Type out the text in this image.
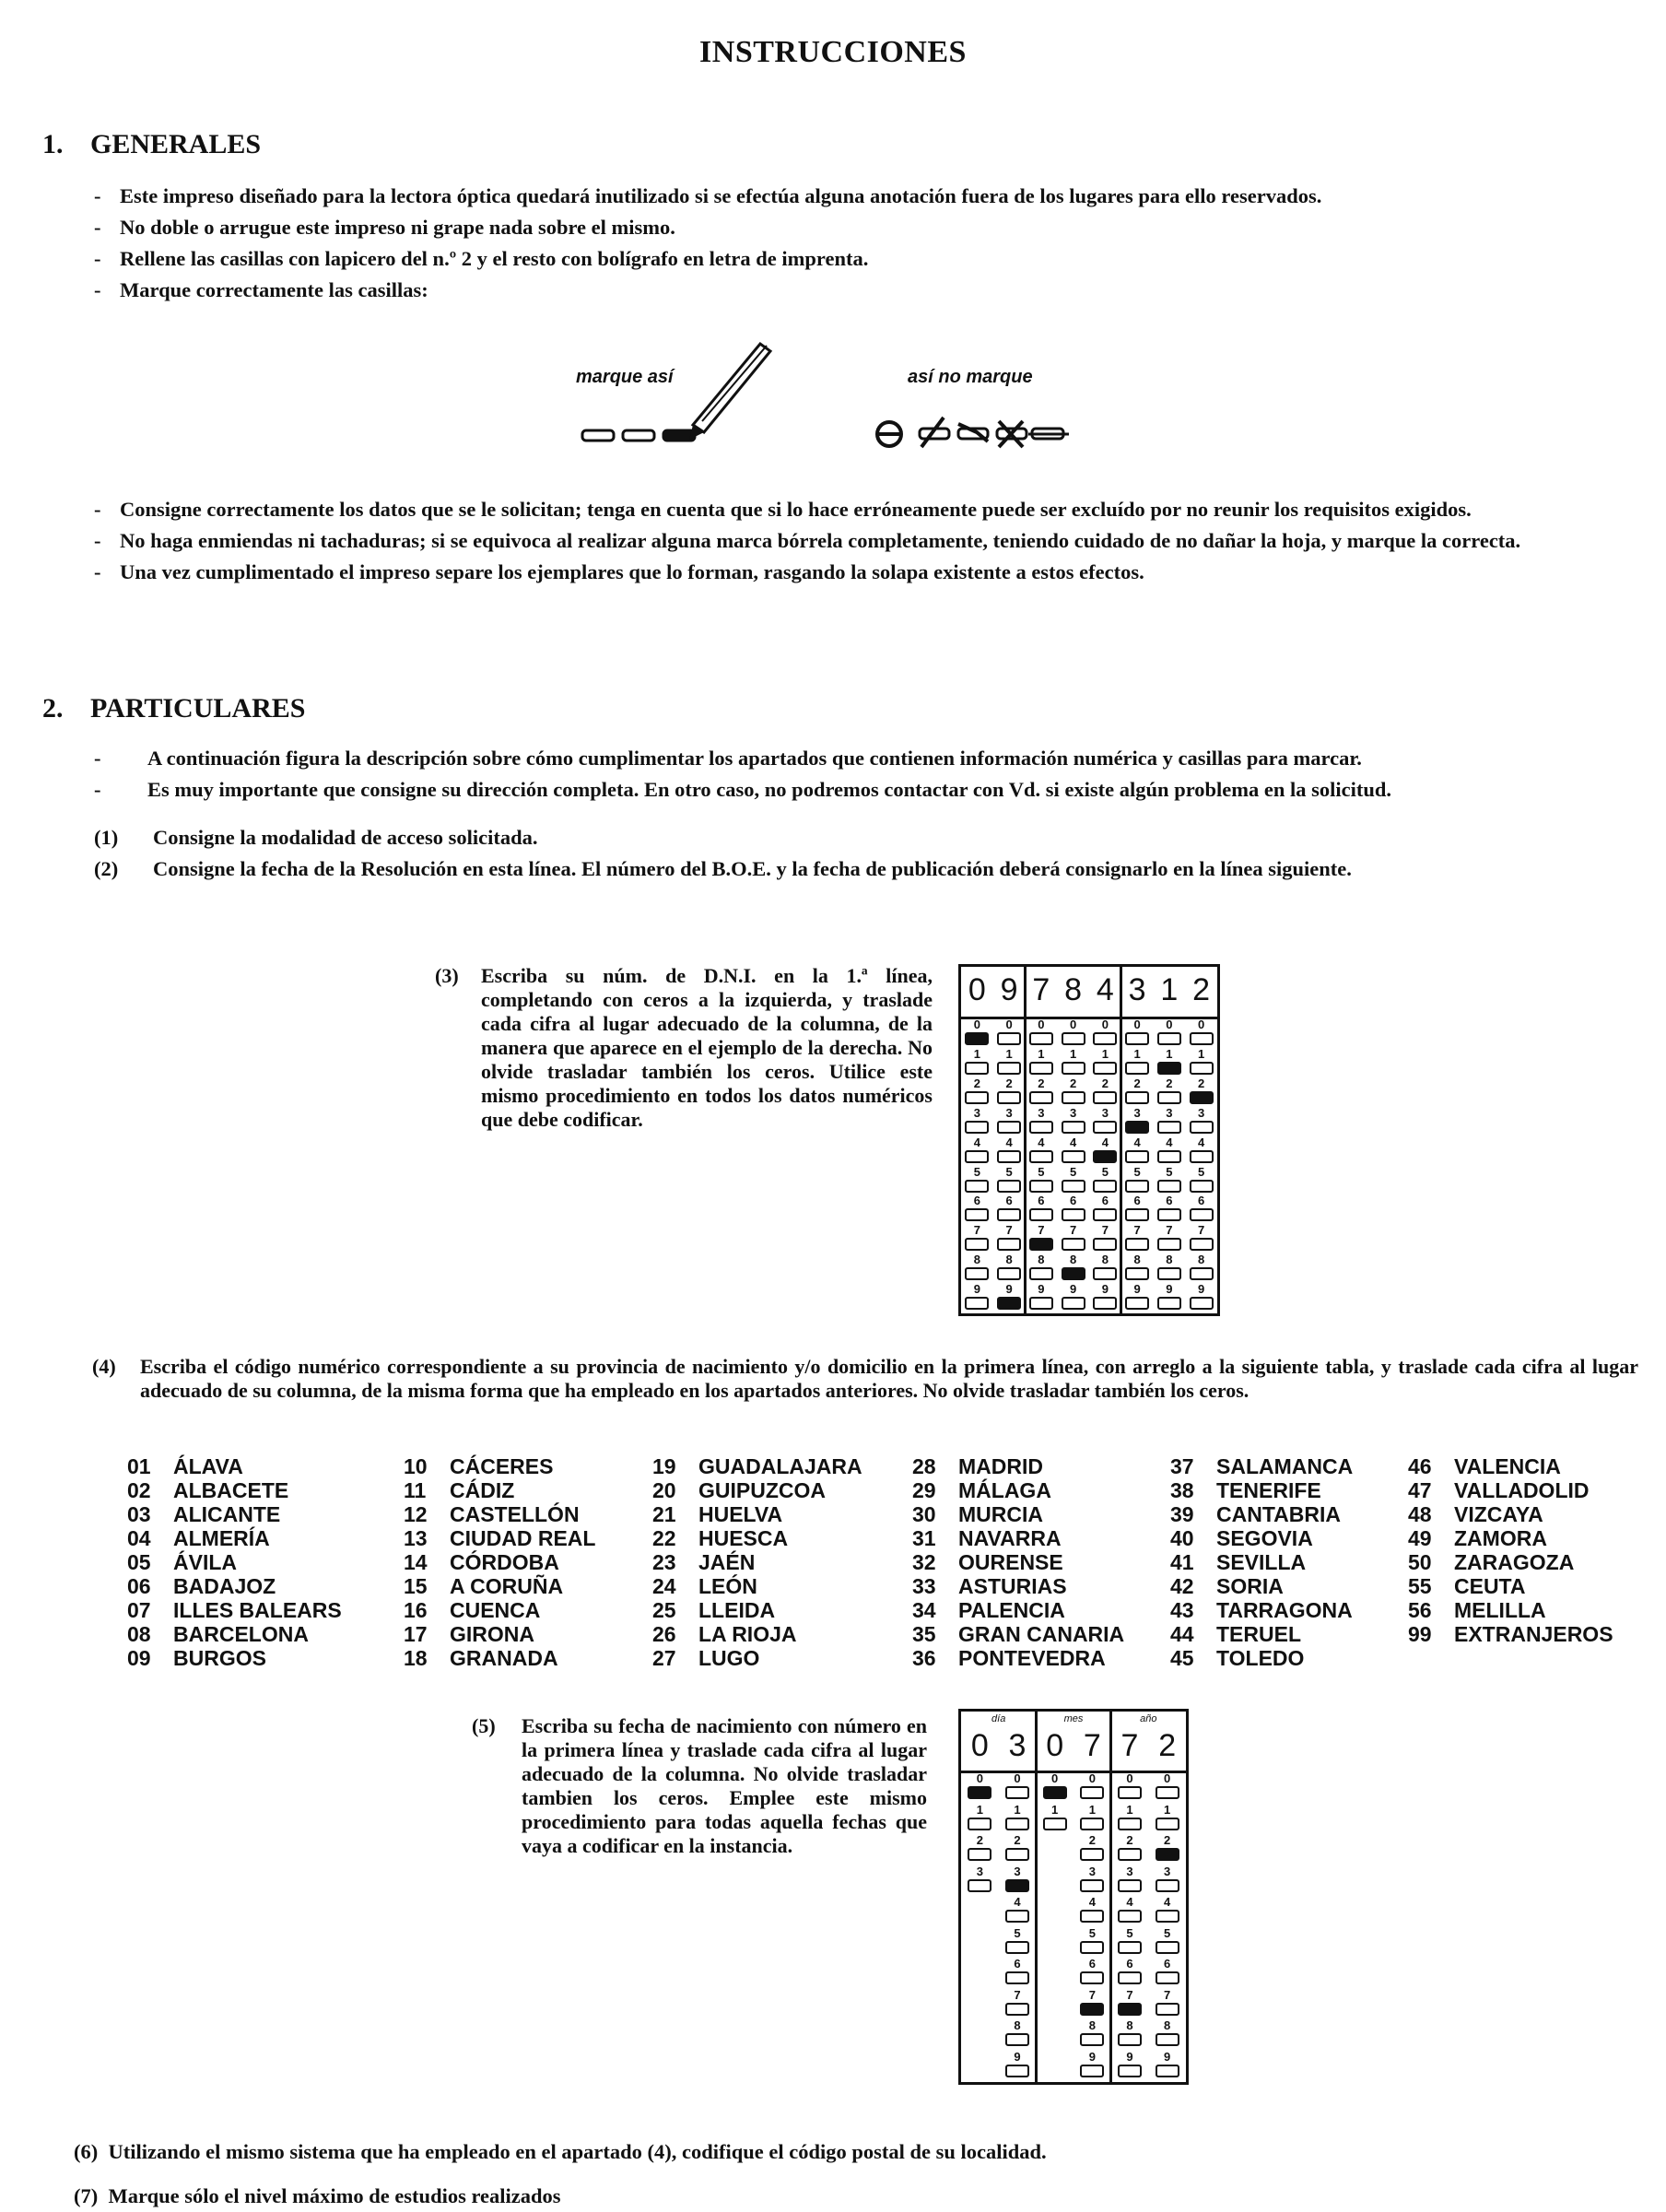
INSTRUCCIONES
1. GENERALES
- Este impreso diseñado para la lectora óptica quedará inutilizado si se efectúa alguna anotación fuera de los lugares para ello reservados.
- No doble o arrugue este impreso ni grape nada sobre el mismo.
- Rellene las casillas con lapicero del n.º 2 y el resto con bolígrafo en letra de imprenta.
- Marque correctamente las casillas:
marque así	así no marque
- Consigne correctamente los datos que se le solicitan; tenga en cuenta que si lo hace erróneamente puede ser excluído por no reunir los requisitos exigidos.
- No haga enmiendas ni tachaduras; si se equivoca al realizar alguna marca bórrela completamente, teniendo cuidado de no dañar la hoja, y marque la correcta.
- Una vez cumplimentado el impreso separe los ejemplares que lo forman, rasgando la solapa existente a estos efectos.
2. PARTICULARES
- A continuación figura la descripción sobre cómo cumplimentar los apartados que contienen información numérica y casillas para marcar.
- Es muy importante que consigne su dirección completa. En otro caso, no podremos contactar con Vd. si existe algún problema en la solicitud.
(1) Consigne la modalidad de acceso solicitada.
(2) Consigne la fecha de la Resolución en esta línea. El número del B.O.E. y la fecha de publicación deberá consignarlo en la línea siguiente.
(3)	Escriba su núm. de D.N.I. en la 1.ª línea, completando con ceros a la izquierda, y traslade cada cifra al lugar adecuado de la columna, de la manera que aparece en el ejemplo de la derecha. No olvide trasladar también los ceros. Utilice este mismo procedimiento en todos los datos numéricos que debe codificar.
0 9 7 8 4 3 1 2
0
1
2
3
4
5
6
7
8
9
0
1
2
3
4
5
6
7
8
9
0
1
2
3
4
5
6
7
8
9
0
1
2
3
4
5
6
7
8
9
0
1
2
3
4
5
6
7
8
9
0
1
2
3
4
5
6
7
8
9
0
1
2
3
4
5
6
7
8
9
0
1
2
3
4
5
6
7
8
9
(4)	Escriba el código numérico correspondiente a su provincia de nacimiento y/o domicilio en la primera línea, con arreglo a la siguiente tabla, y traslade cada cifra al lugar adecuado de su columna, de la misma forma que ha empleado en los apartados anteriores. No olvide trasladar también los ceros.
01 ÁLAVA
02 ALBACETE
03 ALICANTE
04 ALMERÍA
05 ÁVILA
06 BADAJOZ
07 ILLES BALEARS
08 BARCELONA
09 BURGOS
10 CÁCERES
11 CÁDIZ
12 CASTELLÓN
13 CIUDAD REAL
14 CÓRDOBA
15 A CORUÑA
16 CUENCA
17 GIRONA
18 GRANADA
19 GUADALAJARA
20 GUIPUZCOA
21 HUELVA
22 HUESCA
23 JAÉN
24 LEÓN
25 LLEIDA
26 LA RIOJA
27 LUGO
28 MADRID
29 MÁLAGA
30 MURCIA
31 NAVARRA
32 OURENSE
33 ASTURIAS
34 PALENCIA
35 GRAN CANARIA
36 PONTEVEDRA
37 SALAMANCA
38 TENERIFE
39 CANTABRIA
40 SEGOVIA
41 SEVILLA
42 SORIA
43 TARRAGONA
44 TERUEL
45 TOLEDO
46 VALENCIA
47 VALLADOLID
48 VIZCAYA
49 ZAMORA
50 ZARAGOZA
55 CEUTA
56 MELILLA
99 EXTRANJEROS
(5)	Escriba su fecha de nacimiento con número en la primera línea y traslade cada cifra al lugar adecuado de la columna. No olvide trasladar tambien los ceros. Emplee este mismo procedimiento para todas aquella fechas que vaya a codificar en la instancia.
día	mes	año
0 3 0 7 7 2
0
1
2
3
0
1
2
3
4
5
6
7
8
9
0
1
0
1
2
3
4
5
6
7
8
9
0
1
2
3
4
5
6
7
8
9
0
1
2
3
4
5
6
7
8
9
(6) Utilizando el mismo sistema que ha empleado en el apartado (4), codifique el código postal de su localidad.
(7) Marque sólo el nivel máximo de estudios realizados
